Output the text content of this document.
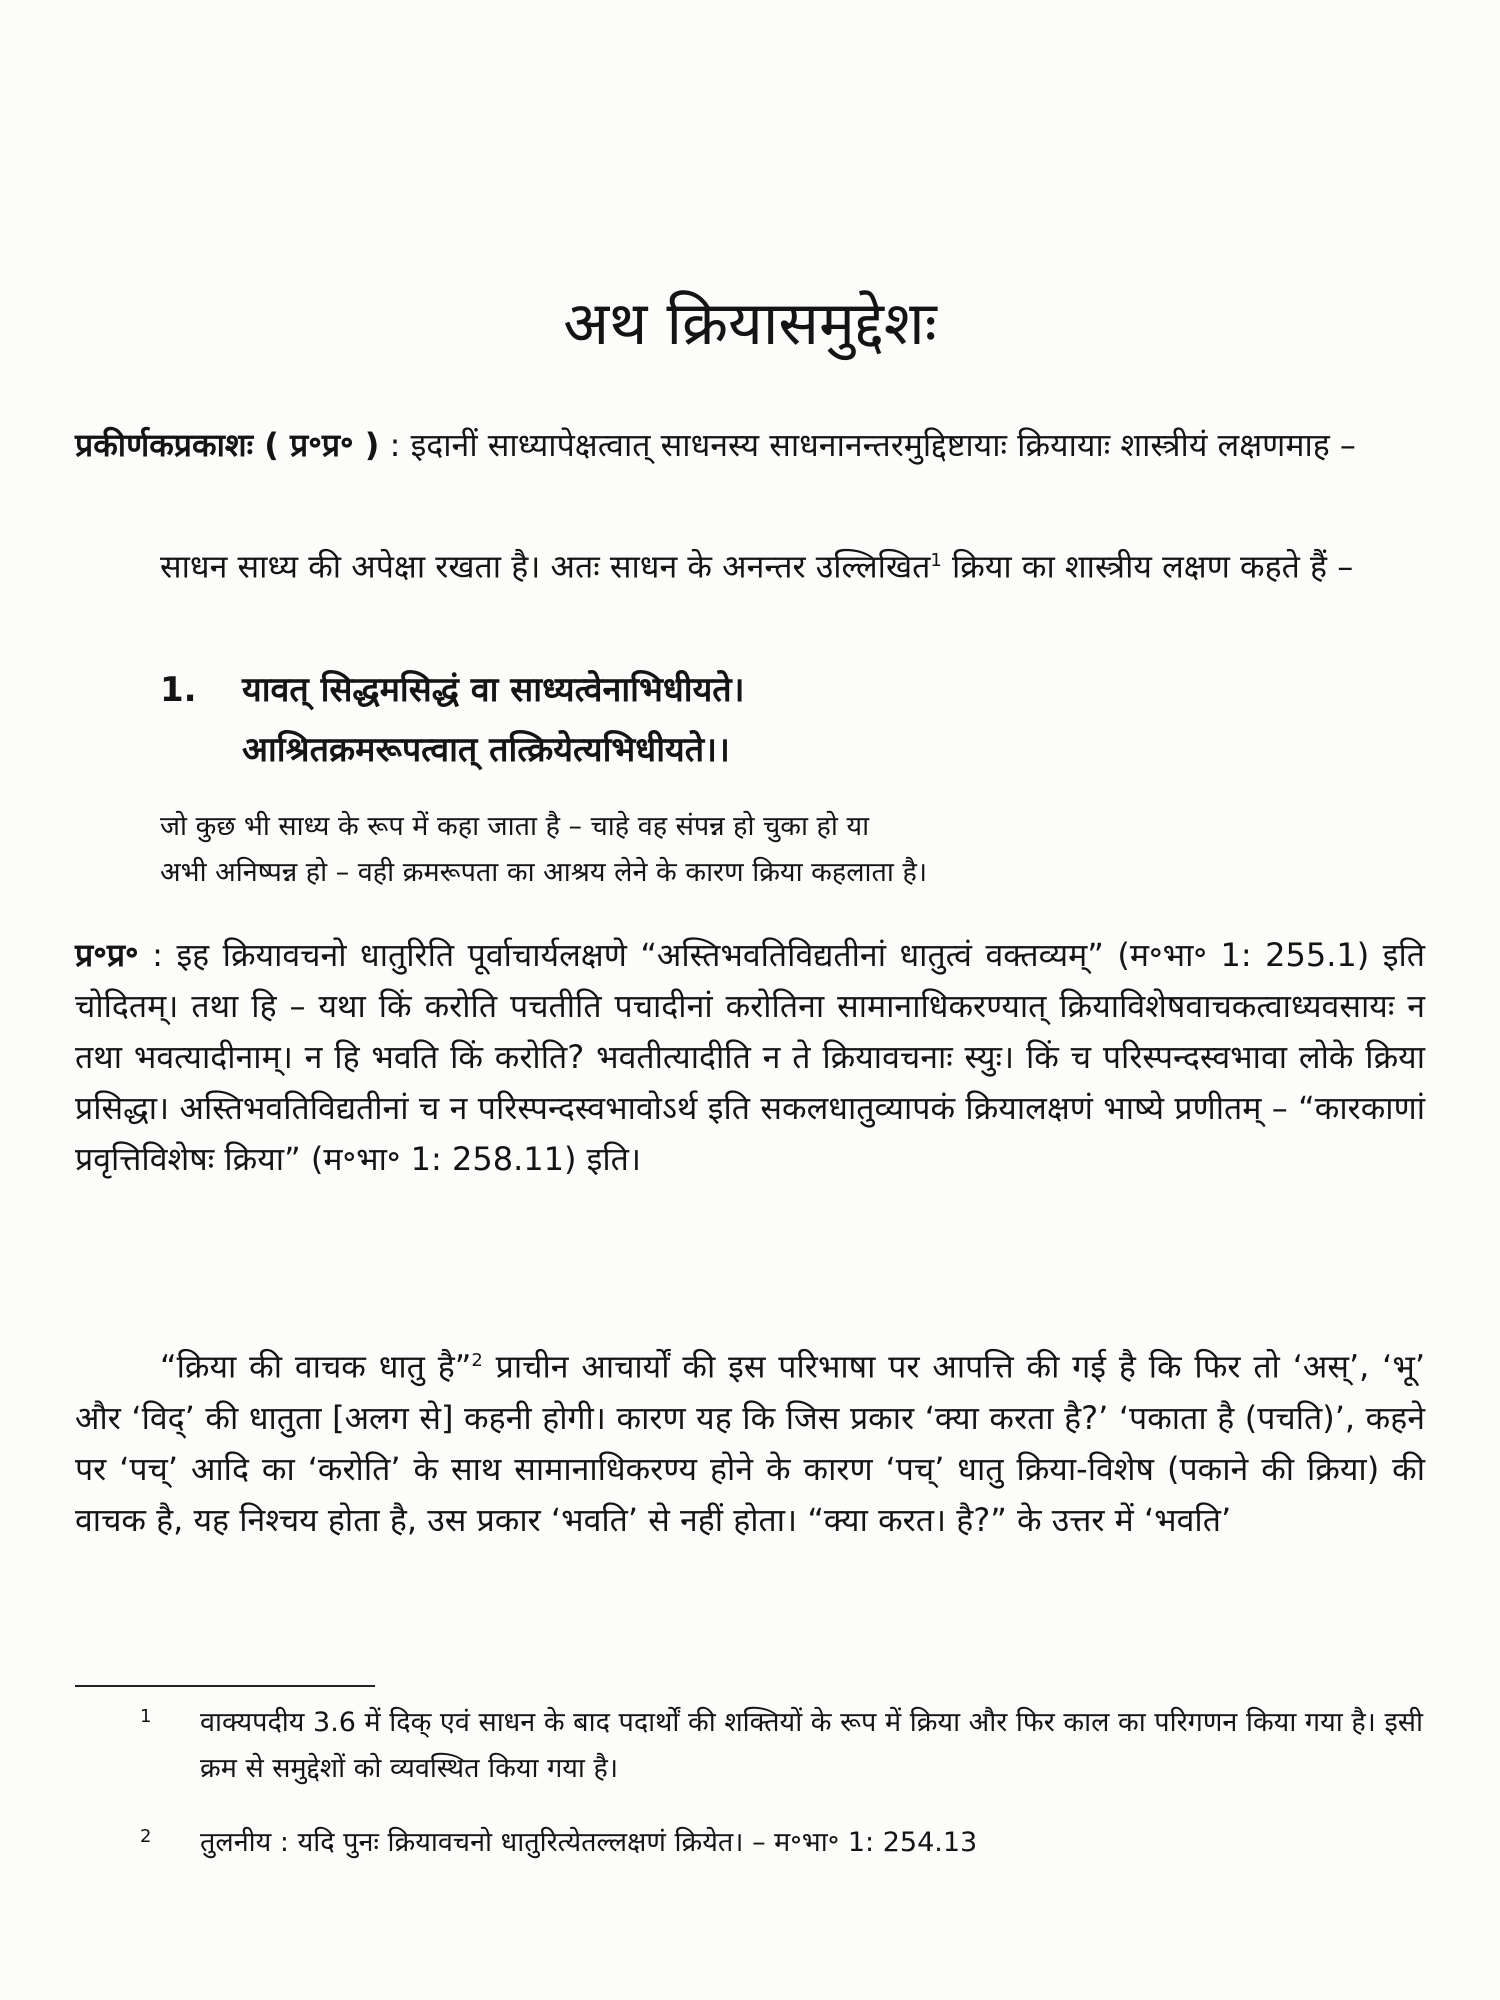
अथ क्रियासमुद्देशः

प्रकीर्णकप्रकाशः ( प्र॰प्र॰ ) : इदानीं साध्यापेक्षत्वात् साधनस्य साधनानन्तरमुद्दिष्टायाः क्रियायाः शास्त्रीयं लक्षणमाह –

साधन साध्य की अपेक्षा रखता है। अतः साधन के अनन्तर उल्लिखित$^1$ क्रिया का शास्त्रीय लक्षण कहते हैं –

1.	यावत् सिद्धमसिद्धं वा साध्यत्वेनाभिधीयते।
आश्रितक्रमरूपत्वात् तत्क्रियेत्यभिधीयते।।
जो कुछ भी साध्य के रूप में कहा जाता है – चाहे वह संपन्न हो चुका हो या
अभी अनिष्पन्न हो – वही क्रमरूपता का आश्रय लेने के कारण क्रिया कहलाता है।

प्र॰प्र॰ : इह क्रियावचनो धातुरिति पूर्वाचार्यलक्षणे “अस्तिभवतिविद्यतीनां धातुत्वं वक्तव्यम्” (म॰भा॰ 1: 255.1) इति चोदितम्। तथा हि – यथा किं करोति पचतीति पचादीनां करोतिना सामानाधिकरण्यात् क्रियाविशेषवाचकत्वाध्यवसायः न तथा भवत्यादीनाम्। न हि भवति किं करोति? भवतीत्यादीति न ते क्रियावचनाः स्युः। किं च परिस्पन्दस्वभावा लोके क्रिया प्रसिद्धा। अस्तिभवतिविद्यतीनां च न परिस्पन्दस्वभावोऽर्थ इति सकलधातुव्यापकं क्रियालक्षणं भाष्ये प्रणीतम् – “कारकाणां प्रवृत्तिविशेषः क्रिया” (म॰भा॰ 1: 258.11) इति।

“क्रिया की वाचक धातु है”$^2$ प्राचीन आचार्यों की इस परिभाषा पर आपत्ति की गई है कि फिर तो ‘अस्’, ‘भू’ और ‘विद्’ की धातुता [अलग से] कहनी होगी। कारण यह कि जिस प्रकार ‘क्या करता है?’ ‘पकाता है (पचति)’, कहने पर ‘पच्’ आदि का ‘करोति’ के साथ सामानाधिकरण्य होने के कारण ‘पच्’ धातु क्रिया-विशेष (पकाने की क्रिया) की वाचक है, यह निश्चय होता है, उस प्रकार ‘भवति’ से नहीं होता। “क्या करत। है?” के उत्तर में ‘भवति’

1 वाक्यपदीय 3.6 में दिक् एवं साधन के बाद पदार्थों की शक्तियों के रूप में क्रिया और फिर काल का परिगणन किया गया है। इसी क्रम से समुद्देशों को व्यवस्थित किया गया है।
2 तुलनीय : यदि पुनः क्रियावचनो धातुरित्येतल्लक्षणं क्रियेत। – म॰भा॰ 1: 254.13
